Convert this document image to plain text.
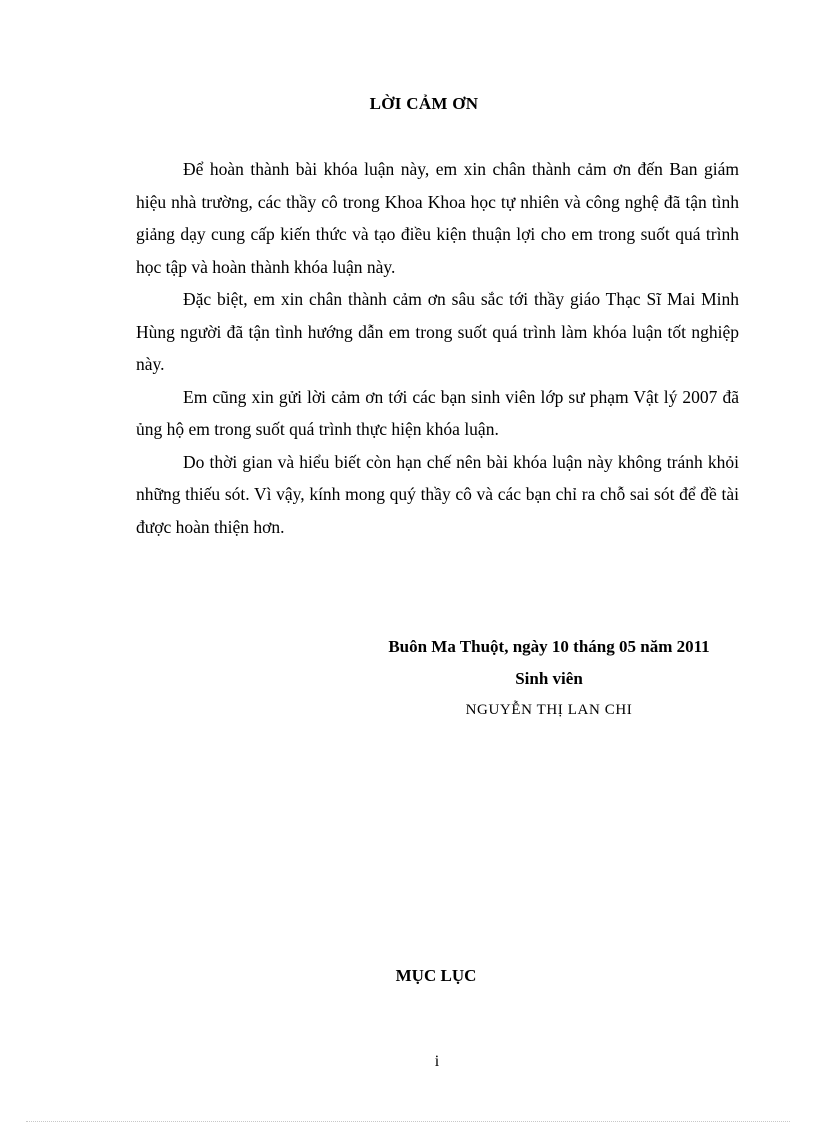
LỜI CẢM ƠN

Để hoàn thành bài khóa luận này, em xin chân thành cảm ơn đến Ban giám hiệu nhà trường, các thầy cô trong Khoa Khoa học tự nhiên và công nghệ đã tận tình giảng dạy cung cấp kiến thức và tạo điều kiện thuận lợi cho em trong suốt quá trình học tập và hoàn thành khóa luận này.

Đặc biệt, em xin chân thành cảm ơn sâu sắc tới thầy giáo Thạc Sĩ Mai Minh Hùng người đã tận tình hướng dẫn em trong suốt quá trình làm khóa luận tốt nghiệp này.

Em cũng xin gửi lời cảm ơn tới các bạn sinh viên lớp sư phạm Vật lý 2007 đã ủng hộ em trong suốt quá trình thực hiện khóa luận.

Do thời gian và hiểu biết còn hạn chế nên bài khóa luận này không tránh khỏi những thiếu sót. Vì vậy, kính mong quý thầy cô và các bạn chỉ ra chỗ sai sót để đề tài được hoàn thiện hơn.

Buôn Ma Thuột, ngày 10 tháng 05 năm 2011
Sinh viên
NGUYỄN THỊ LAN CHI
MỤC LỤC
i
